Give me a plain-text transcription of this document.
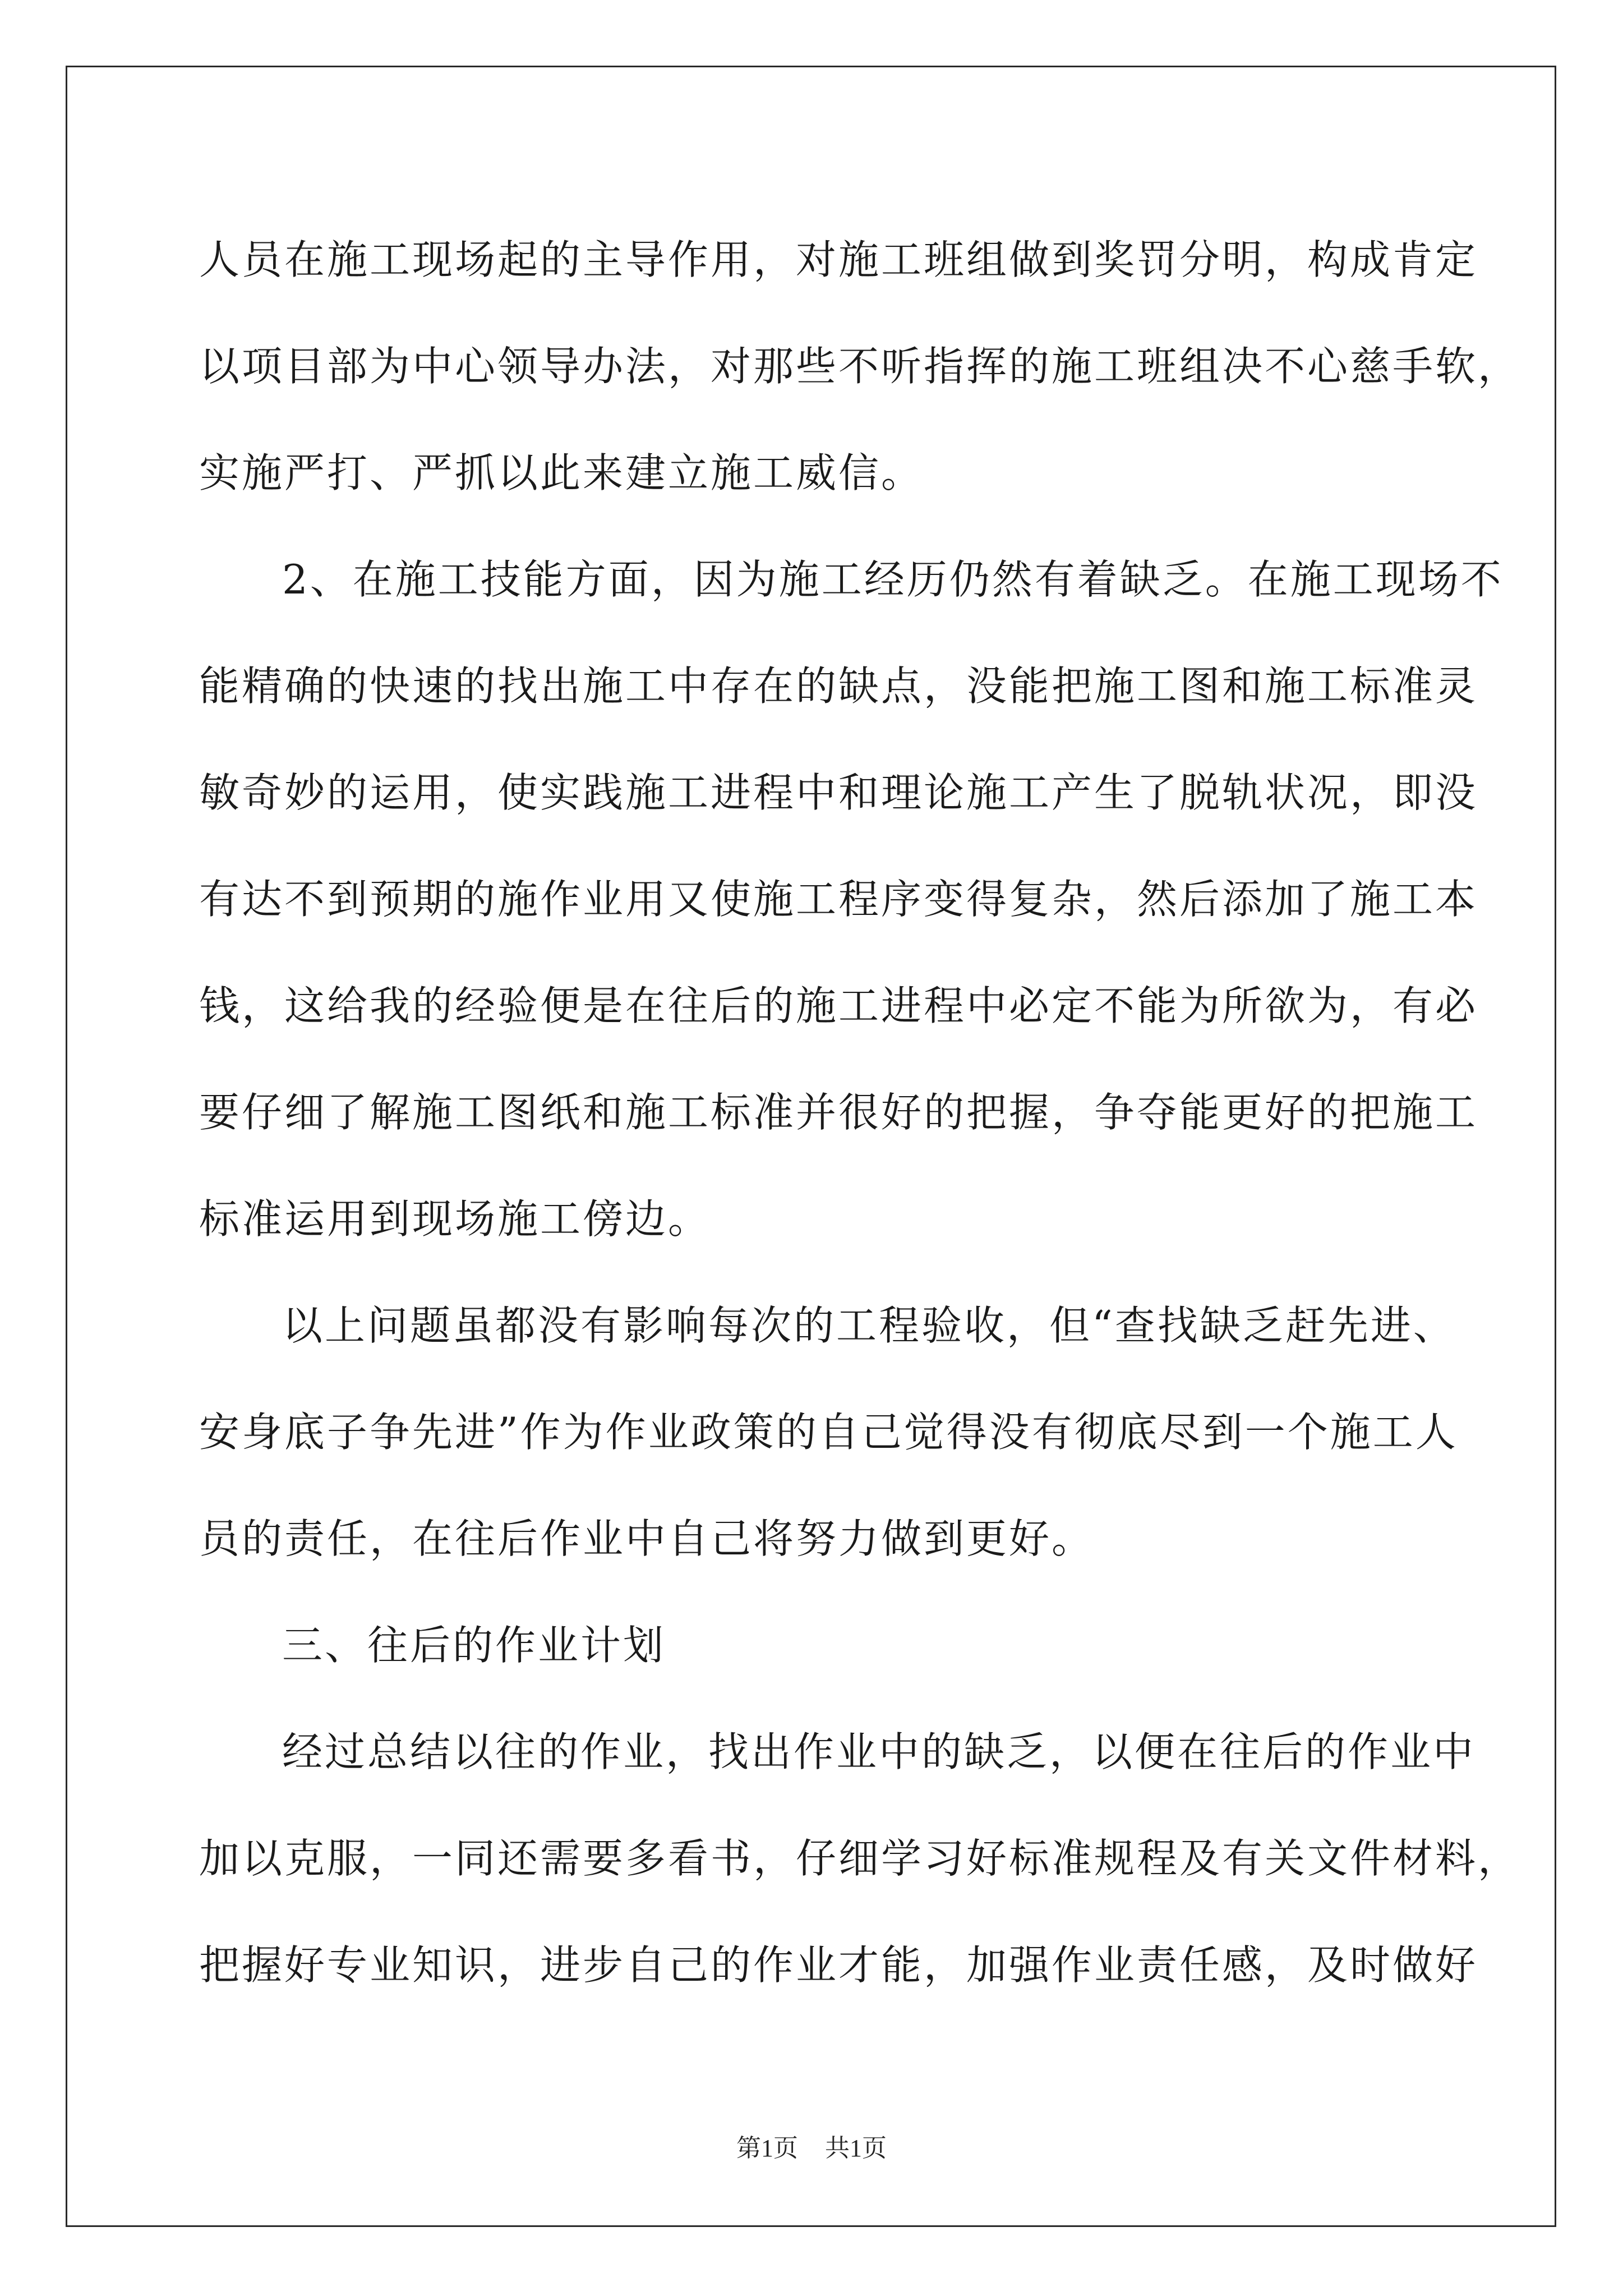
人员在施工现场起的主导作用，对施工班组做到奖罚分明，构成肯定
以项目部为中心领导办法，对那些不听指挥的施工班组决不心慈手软，
实施严打、严抓以此来建立施工威信。
2、在施工技能方面，因为施工经历仍然有着缺乏。在施工现场不
能精确的快速的找出施工中存在的缺点，没能把施工图和施工标准灵
敏奇妙的运用，使实践施工进程中和理论施工产生了脱轨状况，即没
有达不到预期的施作业用又使施工程序变得复杂，然后添加了施工本
钱，这给我的经验便是在往后的施工进程中必定不能为所欲为，有必
要仔细了解施工图纸和施工标准并很好的把握，争夺能更好的把施工
标准运用到现场施工傍边。
以上问题虽都没有影响每次的工程验收，但“查找缺乏赶先进、
安身底子争先进”作为作业政策的自己觉得没有彻底尽到一个施工人
员的责任，在往后作业中自己将努力做到更好。
三、往后的作业计划
经过总结以往的作业，找出作业中的缺乏，以便在往后的作业中
加以克服，一同还需要多看书，仔细学习好标准规程及有关文件材料，
把握好专业知识，进步自己的作业才能，加强作业责任感，及时做好
第1页 共1页
